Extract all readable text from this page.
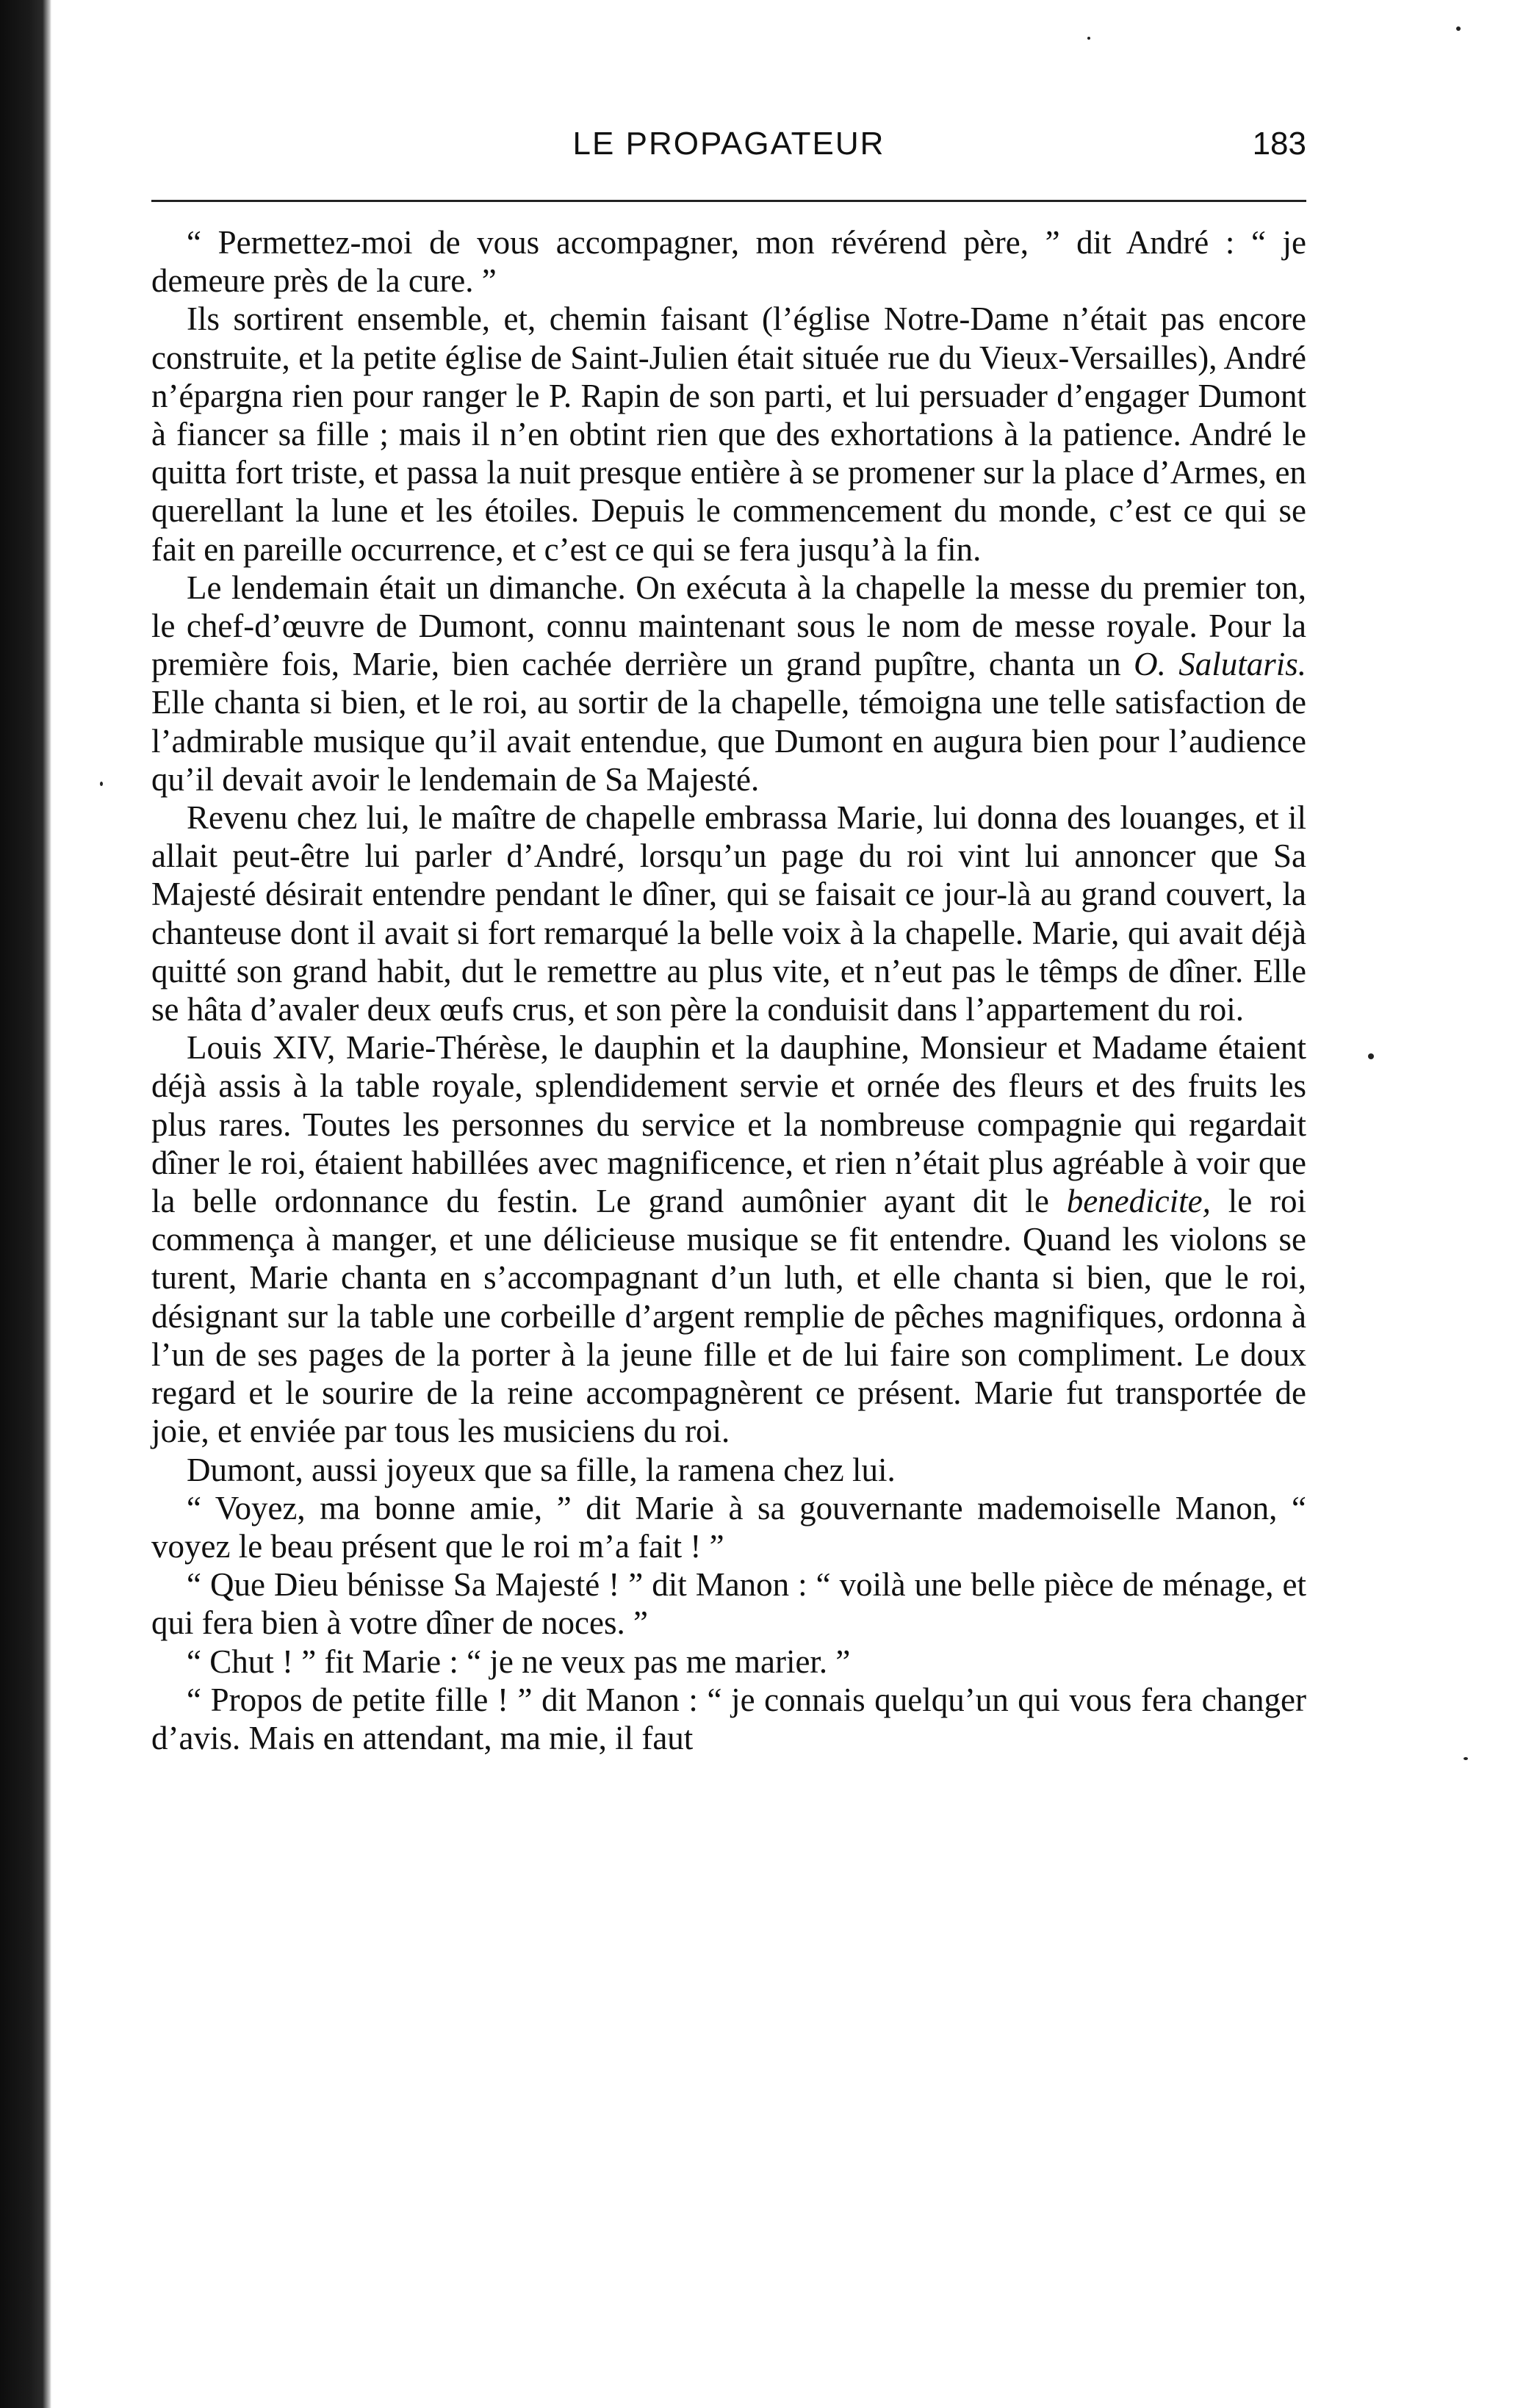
LE PROPAGATEUR	183

“ Permettez-moi de vous accompagner, mon révérend père, ” dit André : “ je demeure près de la cure. ”

Ils sortirent ensemble, et, chemin faisant (l’église Notre-Dame n’était pas encore construite, et la petite église de Saint-Julien était située rue du Vieux-Versailles), André n’épargna rien pour ranger le P. Rapin de son parti, et lui persuader d’engager Dumont à fiancer sa fille ; mais il n’en obtint rien que des exhortations à la patience. André le quitta fort triste, et passa la nuit presque entière à se promener sur la place d’Armes, en querellant la lune et les étoiles. Depuis le commencement du monde, c’est ce qui se fait en pareille occurrence, et c’est ce qui se fera jusqu’à la fin.

Le lendemain était un dimanche. On exécuta à la chapelle la messe du premier ton, le chef-d’œuvre de Dumont, connu maintenant sous le nom de messe royale. Pour la première fois, Marie, bien cachée derrière un grand pupître, chanta un O. Salutaris. Elle chanta si bien, et le roi, au sortir de la chapelle, témoigna une telle satisfaction de l’admirable musique qu’il avait entendue, que Dumont en augura bien pour l’audience qu’il devait avoir le lendemain de Sa Majesté.

Revenu chez lui, le maître de chapelle embrassa Marie, lui donna des louanges, et il allait peut-être lui parler d’André, lorsqu’un page du roi vint lui annoncer que Sa Majesté désirait entendre pendant le dîner, qui se faisait ce jour-là au grand couvert, la chanteuse dont il avait si fort remarqué la belle voix à la chapelle. Marie, qui avait déjà quitté son grand habit, dut le remettre au plus vite, et n’eut pas le têmps de dîner. Elle se hâta d’avaler deux œufs crus, et son père la conduisit dans l’appartement du roi.

Louis XIV, Marie-Thérèse, le dauphin et la dauphine, Monsieur et Madame étaient déjà assis à la table royale, splendidement servie et ornée des fleurs et des fruits les plus rares. Toutes les personnes du service et la nombreuse compagnie qui regardait dîner le roi, étaient habillées avec magnificence, et rien n’était plus agréable à voir que la belle ordonnance du festin. Le grand aumônier ayant dit le benedicite, le roi commença à manger, et une délicieuse musique se fit entendre. Quand les violons se turent, Marie chanta en s’accompagnant d’un luth, et elle chanta si bien, que le roi, désignant sur la table une corbeille d’argent remplie de pêches magnifiques, ordonna à l’un de ses pages de la porter à la jeune fille et de lui faire son compliment. Le doux regard et le sourire de la reine accompagnèrent ce présent. Marie fut transportée de joie, et enviée par tous les musiciens du roi.

Dumont, aussi joyeux que sa fille, la ramena chez lui.

“ Voyez, ma bonne amie, ” dit Marie à sa gouvernante mademoiselle Manon, “ voyez le beau présent que le roi m’a fait ! ”

“ Que Dieu bénisse Sa Majesté ! ” dit Manon : “ voilà une belle pièce de ménage, et qui fera bien à votre dîner de noces. ”

“ Chut ! ” fit Marie : “ je ne veux pas me marier. ”

“ Propos de petite fille ! ” dit Manon : “ je connais quelqu’un qui vous fera changer d’avis. Mais en attendant, ma mie, il faut
